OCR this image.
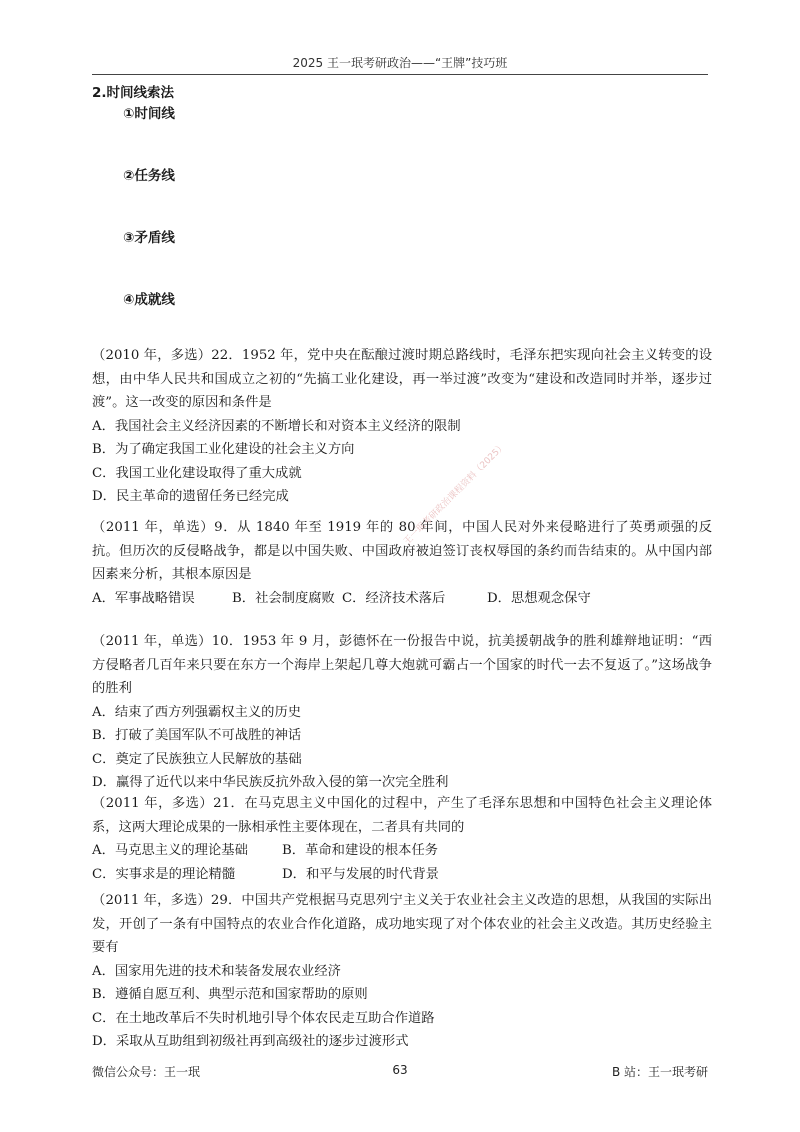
2025 王一珉考研政治——“王牌”技巧班
2.时间线索法
①时间线
②任务线
③矛盾线
④成就线

（2010 年，多选）22．1952 年，党中央在酝酿过渡时期总路线时，毛泽东把实现向社会主义转变的设想，由中华人民共和国成立之初的“先搞工业化建设，再一举过渡”改变为“建设和改造同时并举，逐步过渡”。这一改变的原因和条件是

A．我国社会主义经济因素的不断增长和对资本主义经济的限制

B．为了确定我国工业化建设的社会主义方向

C．我国工业化建设取得了重大成就

D．民主革命的遗留任务已经完成

（2011 年，单选）9．从 1840 年至 1919 年的 80 年间，中国人民对外来侵略进行了英勇顽强的反抗。但历次的反侵略战争，都是以中国失败、中国政府被迫签订丧权辱国的条约而告结束的。从中国内部因素来分析，其根本原因是

A．军事战略错误	B．社会制度腐败 C．经济技术落后	D．思想观念保守

（2011 年，单选）10．1953 年 9 月，彭德怀在一份报告中说，抗美援朝战争的胜利雄辩地证明：“西方侵略者几百年来只要在东方一个海岸上架起几尊大炮就可霸占一个国家的时代一去不复返了。”这场战争的胜利

A．结束了西方列强霸权主义的历史

B．打破了美国军队不可战胜的神话

C．奠定了民族独立人民解放的基础

D．赢得了近代以来中华民族反抗外敌入侵的第一次完全胜利

（2011 年，多选）21．在马克思主义中国化的过程中，产生了毛泽东思想和中国特色社会主义理论体系，这两大理论成果的一脉相承性主要体现在，二者具有共同的

A．马克思主义的理论基础	B．革命和建设的根本任务
C．实事求是的理论精髓	D．和平与发展的时代背景

（2011 年，多选）29．中国共产党根据马克思列宁主义关于农业社会主义改造的思想，从我国的实际出发，开创了一条有中国特点的农业合作化道路，成功地实现了对个体农业的社会主义改造。其历史经验主要有

A．国家用先进的技术和装备发展农业经济

B．遵循自愿互利、典型示范和国家帮助的原则

C．在土地改革后不失时机地引导个体农民走互助合作道路

D．采取从互助组到初级社再到高级社的逐步过渡形式

王一珉考研政治课程资料（2025）
微信公众号：王一珉	63	B 站：王一珉考研
